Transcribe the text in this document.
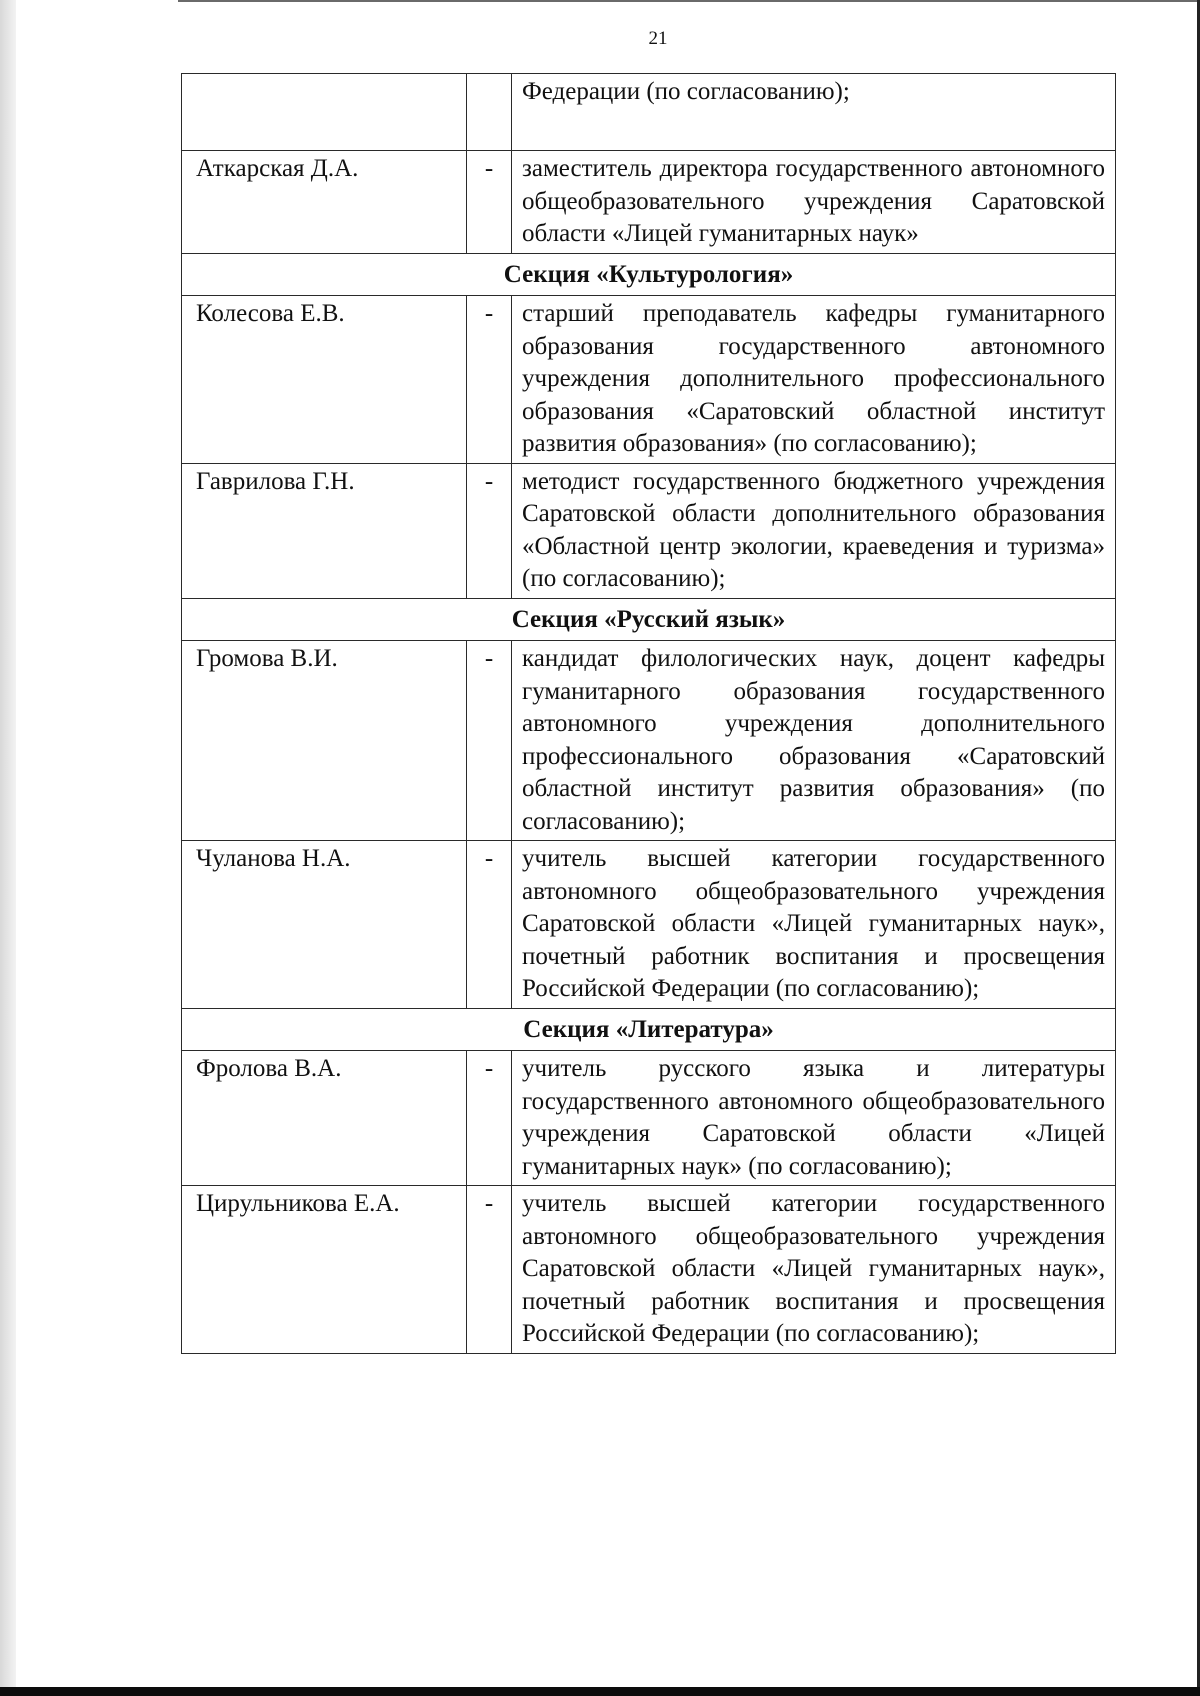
21
		Федерации (по согласованию);
Аткарская Д.А.	-	заместитель директора государственного автономного общеобразовательного учреждения Саратовской области «Лицей гуманитарных наук»
Секция «Культурология»		
Колесова Е.В.	-	старший преподаватель кафедры гуманитарного образования государственного автономного учреждения дополнительного профессионального образования «Саратовский областной институт развития образования» (по согласованию);
Гаврилова Г.Н.	-	методист государственного бюджетного учреждения Саратовской области дополнительного образования «Областной центр экологии, краеведения и туризма» (по согласованию);
Секция «Русский язык»		
Громова В.И.	-	кандидат филологических наук, доцент кафедры гуманитарного образования государственного автономного учреждения дополнительного профессионального образования «Саратовский областной институт развития образования» (по согласованию);
Чуланова Н.А.	-	учитель высшей категории государственного автономного общеобразовательного учреждения Саратовской области «Лицей гуманитарных наук», почетный работник воспитания и просвещения Российской Федерации (по согласованию);
Секция «Литература»		
Фролова В.А.	-	учитель русского языка и литературы государственного автономного общеобразовательного учреждения Саратовской области «Лицей гуманитарных наук» (по согласованию);
Цирульникова Е.А.	-	учитель высшей категории государственного автономного общеобразовательного учреждения Саратовской области «Лицей гуманитарных наук», почетный работник воспитания и просвещения Российской Федерации (по согласованию);
